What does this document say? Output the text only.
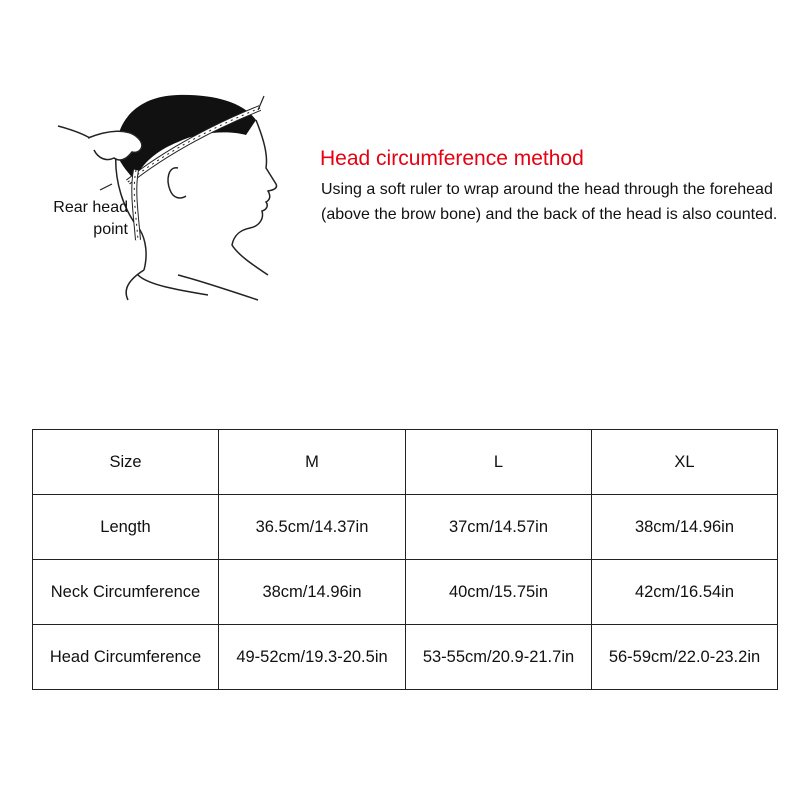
Rear head
point
Head circumference method

Using a soft ruler to wrap around the head through the forehead (above the brow bone) and the back of the head is also counted.

Size	M	L	XL
Length	36.5cm/14.37in	37cm/14.57in	38cm/14.96in
Neck Circumference	38cm/14.96in	40cm/15.75in	42cm/16.54in
Head Circumference	49-52cm/19.3-20.5in	53-55cm/20.9-21.7in	56-59cm/22.0-23.2in
